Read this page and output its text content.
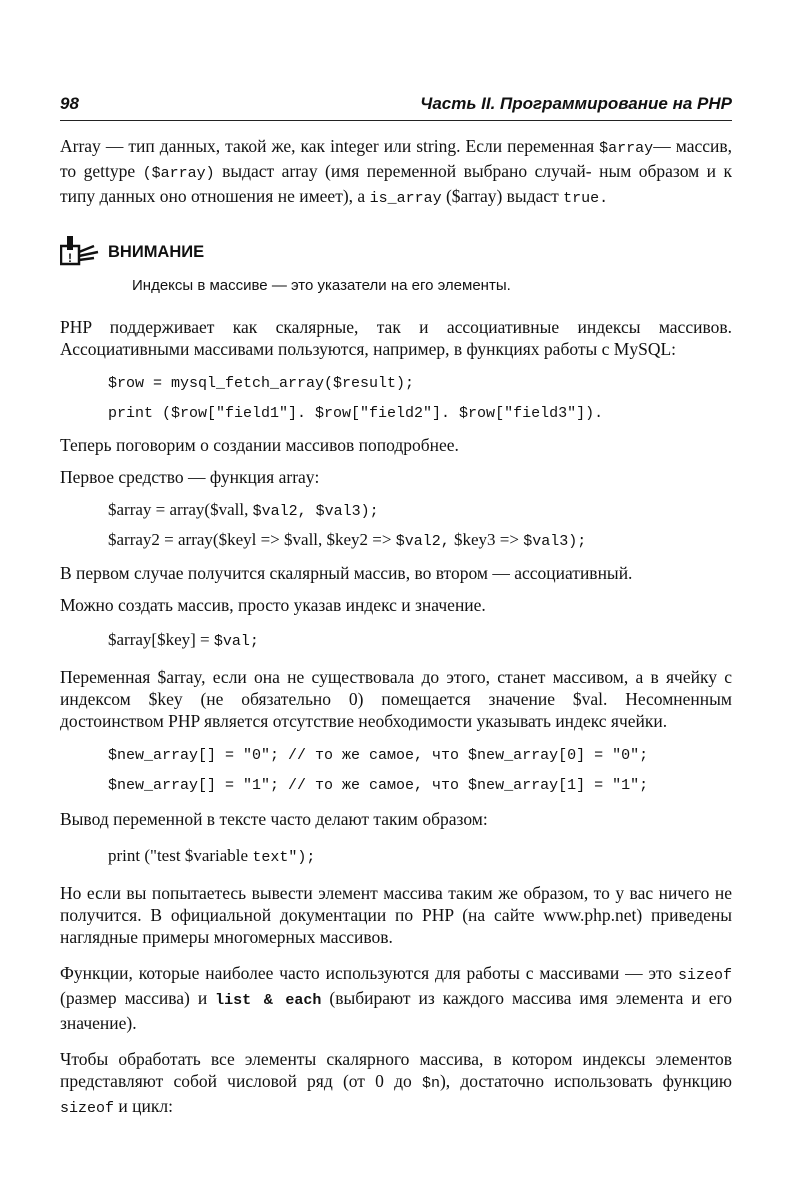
98	Часть II. Программирование на PHP

Array — тип данных, такой же, как integer или string. Если переменная $array— массив, то gettype ($array) выдаст array (имя переменной выбрано случай- ным образом и к типу данных оно отношения не имеет), а is_array ($array) выдаст true.

! ВНИМАНИЕ
Индексы в массиве — это указатели на его элементы.

PHP поддерживает как скалярные, так и ассоциативные индексы массивов. Ассоциативными массивами пользуются, например, в функциях работы с MySQL:

$row = mysql_fetch_array($result);

print ($row["field1"]. $row["field2"]. $row["field3"]).

Теперь поговорим о создании массивов поподробнее.

Первое средство — функция array:

$array = array($vall, $val2, $val3);

$array2 = array($keyl => $vall, $key2 => $val2, $key3 => $val3);

В первом случае получится скалярный массив, во втором — ассоциативный.

Можно создать массив, просто указав индекс и значение.

$array[$key] = $val;

Переменная $array, если она не существовала до этого, станет массивом, а в ячейку с индексом $key (не обязательно 0) помещается значение $val. Несомненным достоинством PHP является отсутствие необходимости указывать индекс ячейки.

$new_array[] = "0"; // то же самое, что $new_array[0] = "0";

$new_array[] = "1"; // то же самое, что $new_array[1] = "1";

Вывод переменной в тексте часто делают таким образом:

print ("test $variable text");

Но если вы попытаетесь вывести элемент массива таким же образом, то у вас ничего не получится. В официальной документации по PHP (на сайте www.php.net) приведены наглядные примеры многомерных массивов.

Функции, которые наиболее часто используются для работы с массивами — это sizeof (размер массива) и list & each (выбирают из каждого массива имя элемента и его значение).

Чтобы обработать все элементы скалярного массива, в котором индексы элементов представляют собой числовой ряд (от 0 до $n), достаточно использовать функцию sizeof и цикл:
